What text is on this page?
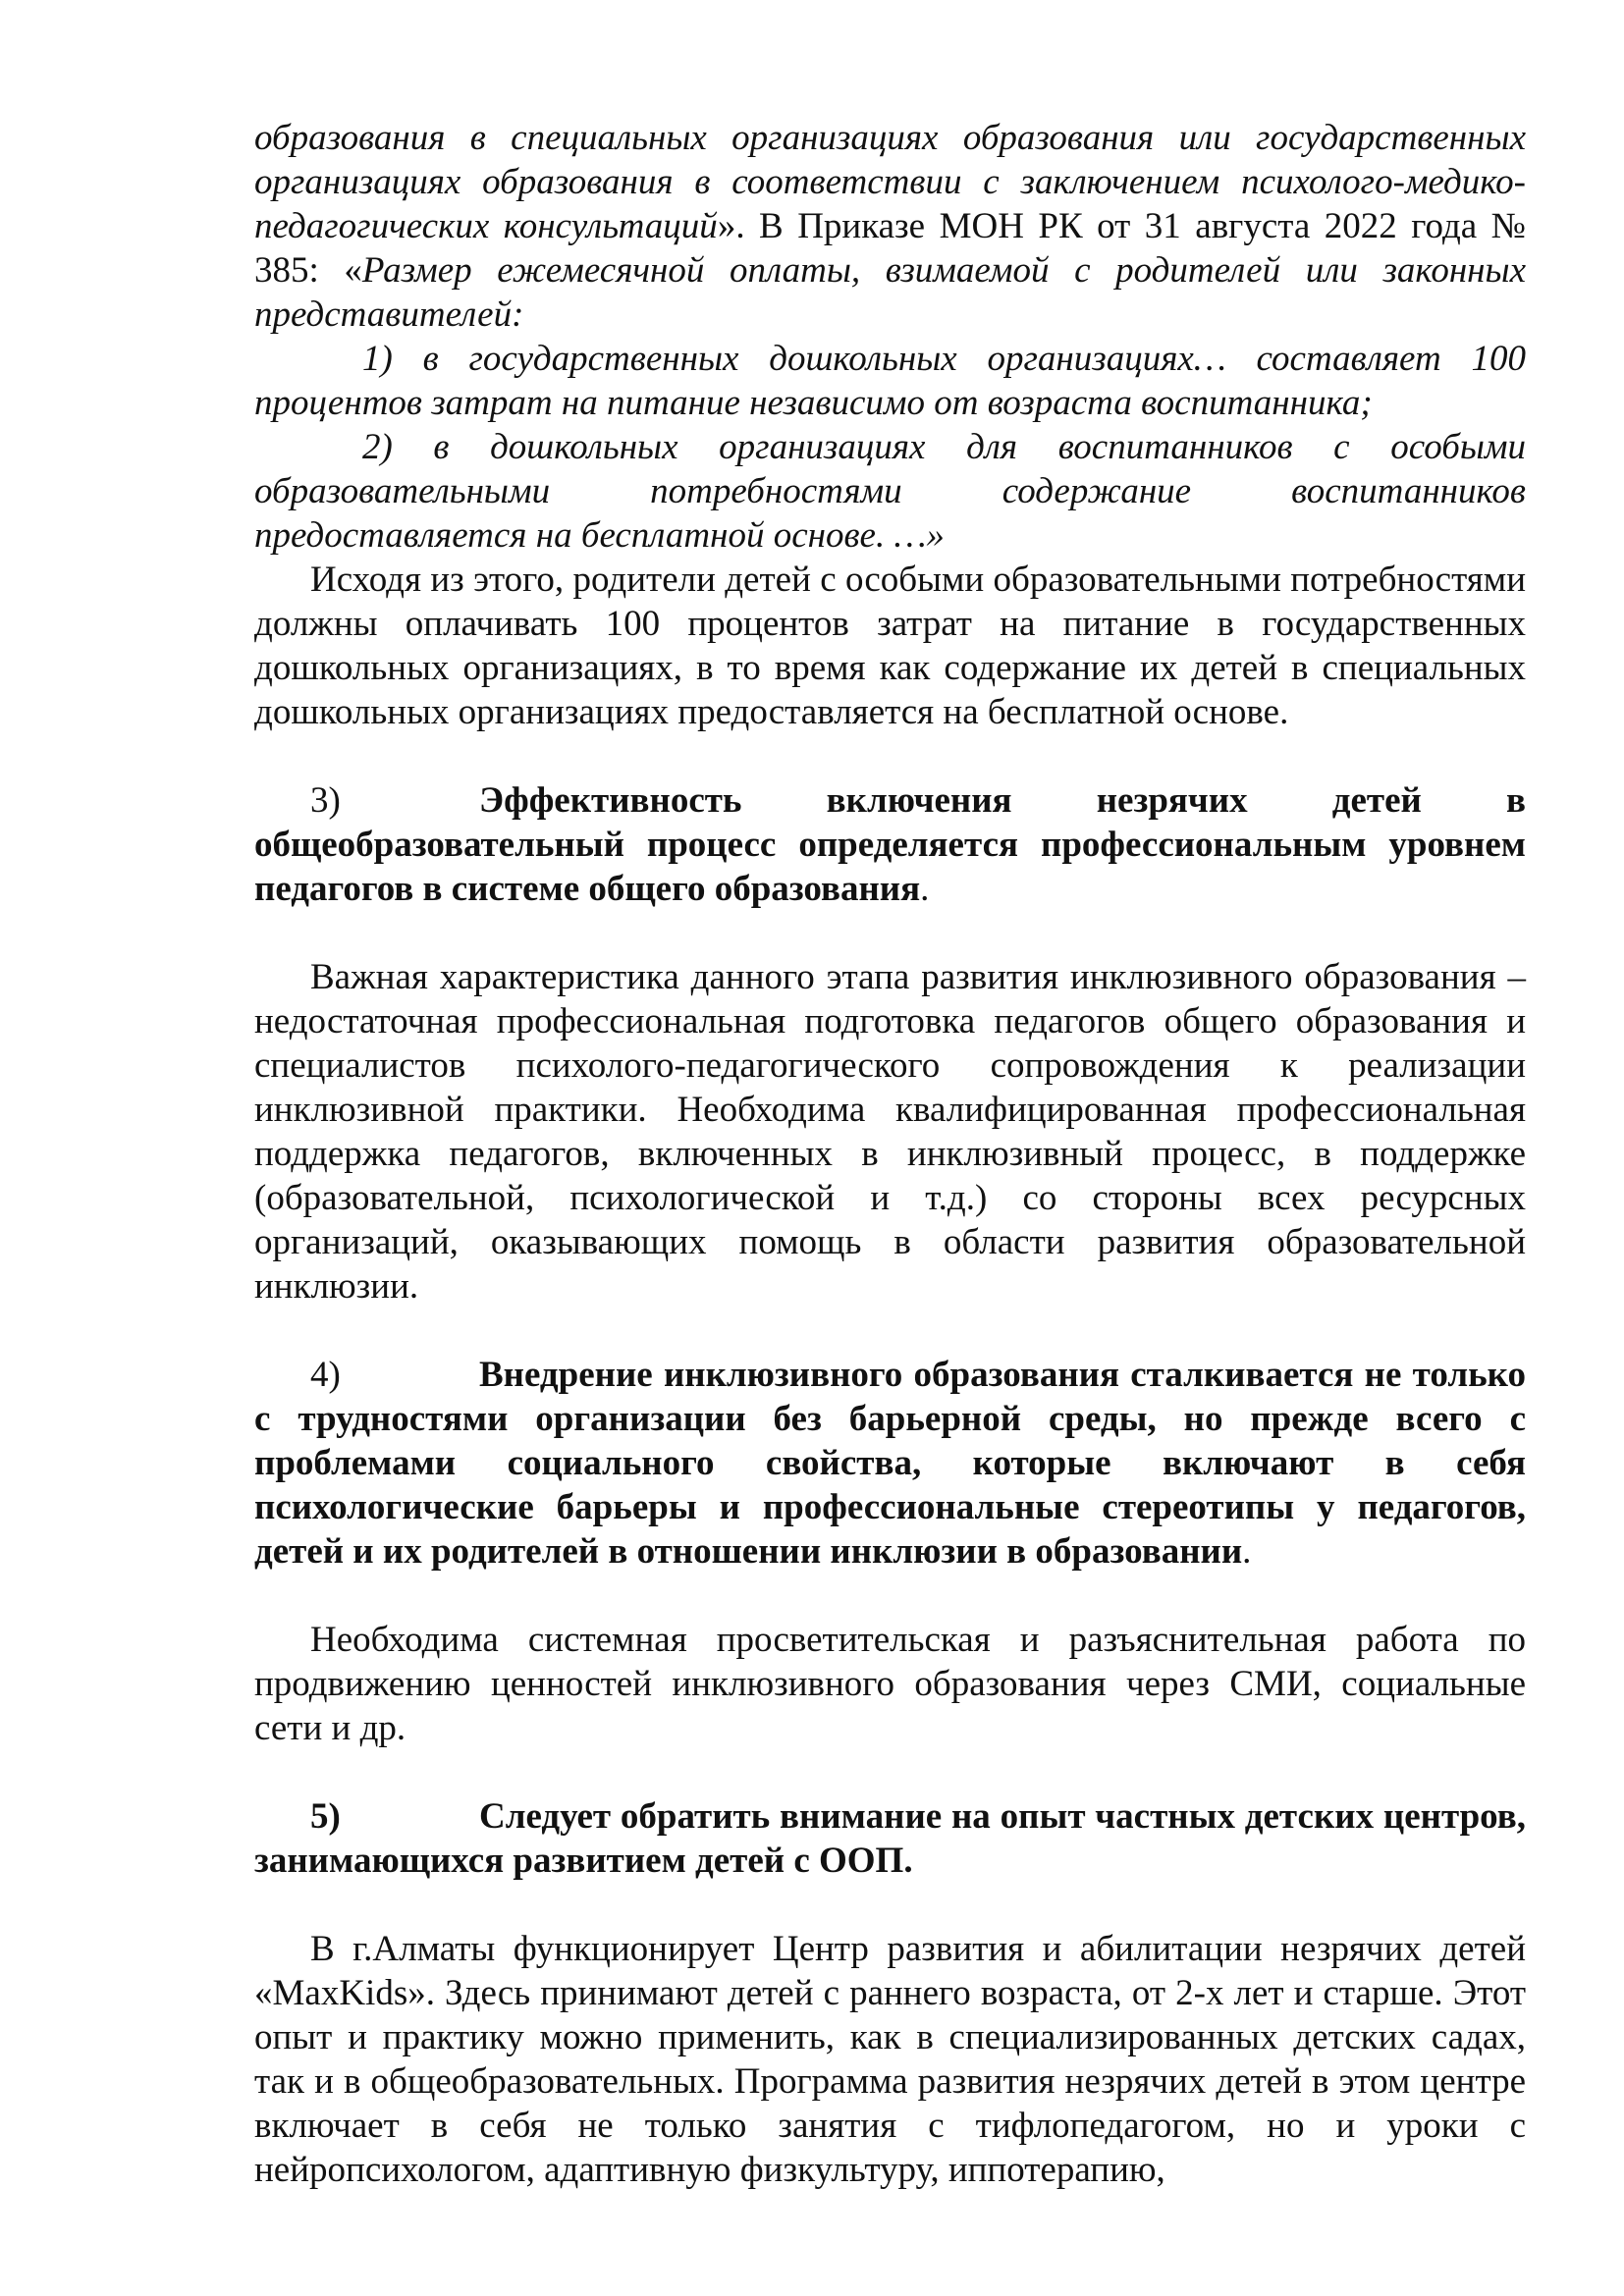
образования в специальных организациях образования или государственных организациях образования в соответствии с заключением психолого-медико-педагогических консультаций». В Приказе МОН РК от 31 августа 2022 года № 385: «Размер ежемесячной оплаты, взимаемой с родителей или законных представителей:

1) в государственных дошкольных организациях… составляет 100 процентов затрат на питание независимо от возраста воспитанника;

2) в дошкольных организациях для воспитанников с особыми образовательными потребностями содержание воспитанников предоставляется на бесплатной основе. …»

Исходя из этого, родители детей с особыми образовательными потребностями должны оплачивать 100 процентов затрат на питание в государственных дошкольных организациях, в то время как содержание их детей в специальных дошкольных организациях предоставляется на бесплатной основе.

3)	Эффективность включения незрячих детей в общеобразовательный процесс определяется профессиональным уровнем педагогов в системе общего образования.

Важная характеристика данного этапа развития инклюзивного образования – недостаточная профессиональная подготовка педагогов общего образования и специалистов психолого-педагогического сопровождения к реализации инклюзивной практики. Необходима квалифицированная профессиональная поддержка педагогов, включенных в инклюзивный процесс, в поддержке (образовательной, психологической и т.д.) со стороны всех ресурсных организаций, оказывающих помощь в области развития образовательной инклюзии.

4)	Внедрение инклюзивного образования сталкивается не только с трудностями организации без барьерной среды, но прежде всего с проблемами социального свойства, которые включают в себя психологические барьеры и профессиональные стереотипы у педагогов, детей и их родителей в отношении инклюзии в образовании.

Необходима системная просветительская и разъяснительная работа по продвижению ценностей инклюзивного образования через СМИ, социальные сети и др.

5)	Следует обратить внимание на опыт частных детских центров, занимающихся развитием детей с ООП.

В г.Алматы функционирует Центр развития и абилитации незрячих детей «MaxKids». Здесь принимают детей с раннего возраста, от 2-х лет и старше. Этот опыт и практику можно применить, как в специализированных детских садах, так и в общеобразовательных. Программа развития незрячих детей в этом центре включает в себя не только занятия с тифлопедагогом, но и уроки с нейропсихологом, адаптивную физкультуру, иппотерапию,
